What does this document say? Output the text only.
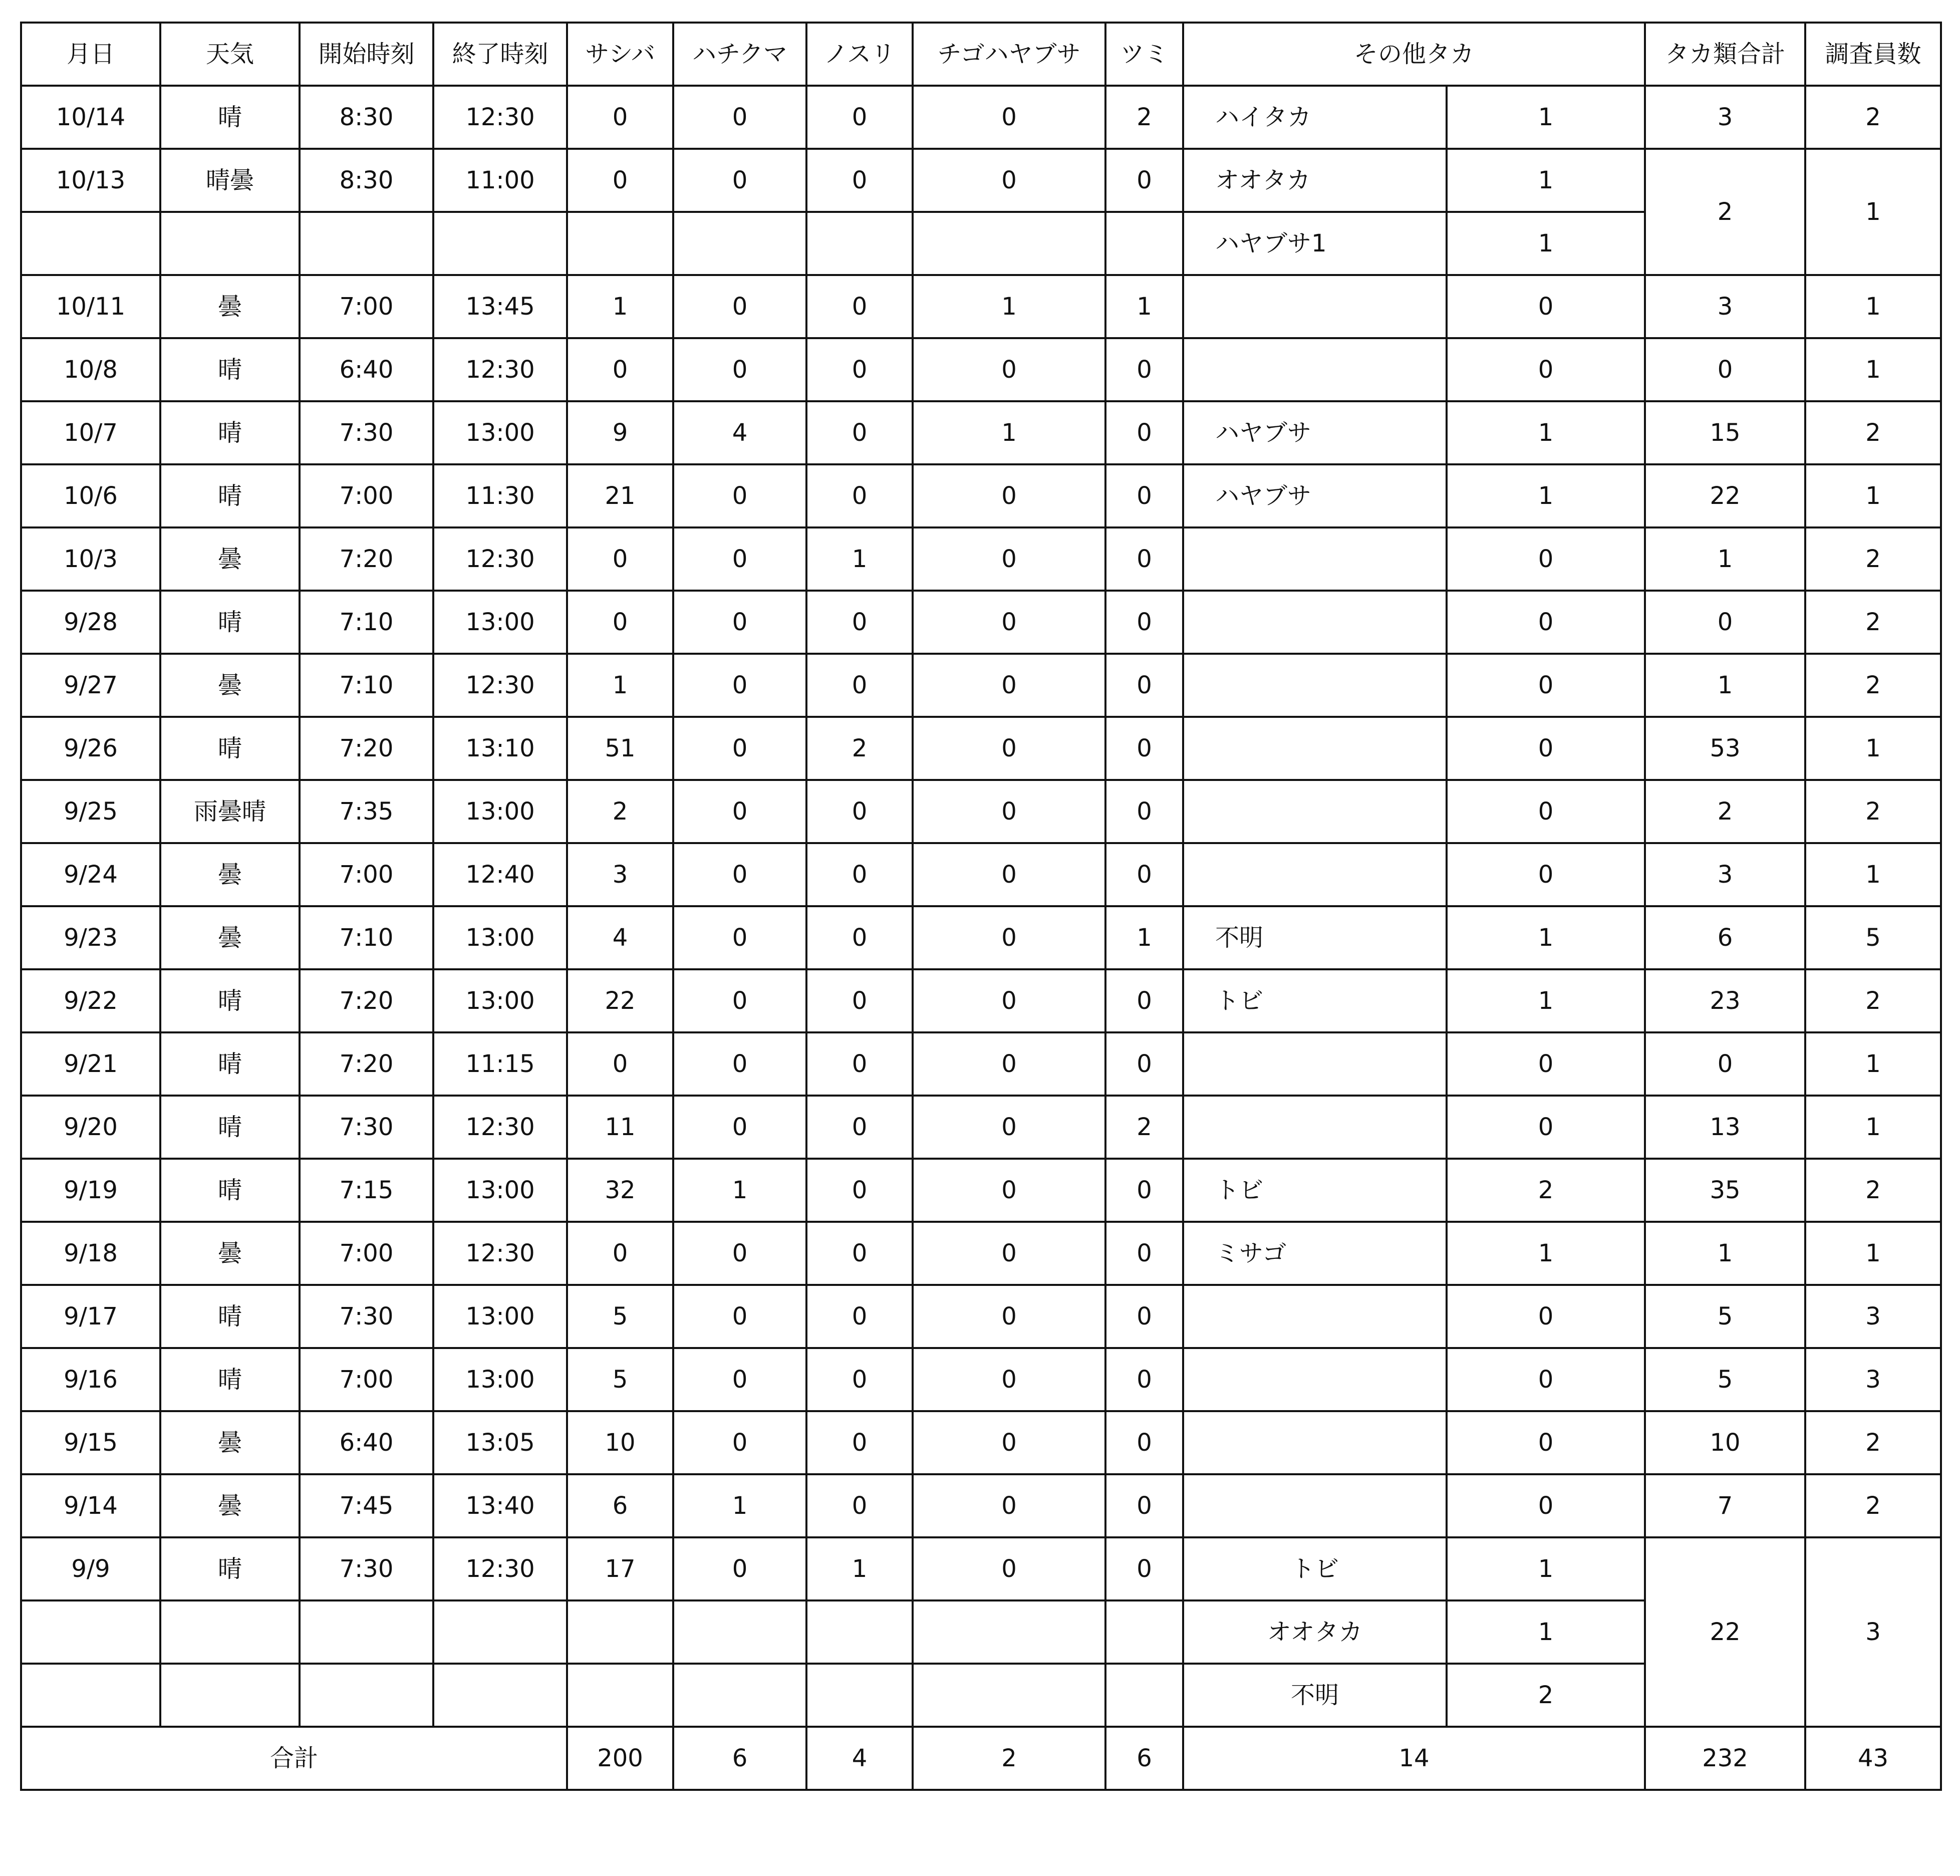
月日	天気	開始時刻	終了時刻	サシバ	ハチクマ	ノスリ	チゴハヤブサ	ツミ	その他タカ		タカ類合計	調査員数
10/14	晴	8:30	12:30	0	0	0	0	2	ハイタカ	1	3	2
10/13	晴曇	8:30	11:00	0	0	0	0	0	オオタカ	1	2	1
									ハヤブサ1	1		
10/11	曇	7:00	13:45	1	0	0	1	1		0	3	1
10/8	晴	6:40	12:30	0	0	0	0	0		0	0	1
10/7	晴	7:30	13:00	9	4	0	1	0	ハヤブサ	1	15	2
10/6	晴	7:00	11:30	21	0	0	0	0	ハヤブサ	1	22	1
10/3	曇	7:20	12:30	0	0	1	0	0		0	1	2
9/28	晴	7:10	13:00	0	0	0	0	0		0	0	2
9/27	曇	7:10	12:30	1	0	0	0	0		0	1	2
9/26	晴	7:20	13:10	51	0	2	0	0		0	53	1
9/25	雨曇晴	7:35	13:00	2	0	0	0	0		0	2	2
9/24	曇	7:00	12:40	3	0	0	0	0		0	3	1
9/23	曇	7:10	13:00	4	0	0	0	1	不明	1	6	5
9/22	晴	7:20	13:00	22	0	0	0	0	トビ	1	23	2
9/21	晴	7:20	11:15	0	0	0	0	0		0	0	1
9/20	晴	7:30	12:30	11	0	0	0	2		0	13	1
9/19	晴	7:15	13:00	32	1	0	0	0	トビ	2	35	2
9/18	曇	7:00	12:30	0	0	0	0	0	ミサゴ	1	1	1
9/17	晴	7:30	13:00	5	0	0	0	0		0	5	3
9/16	晴	7:00	13:00	5	0	0	0	0		0	5	3
9/15	曇	6:40	13:05	10	0	0	0	0		0	10	2
9/14	曇	7:45	13:40	6	1	0	0	0		0	7	2
9/9	晴	7:30	12:30	17	0	1	0	0	トビ	1	22	3
									オオタカ	1		
									不明	2		
合計				200	6	4	2	6	14		232	43
